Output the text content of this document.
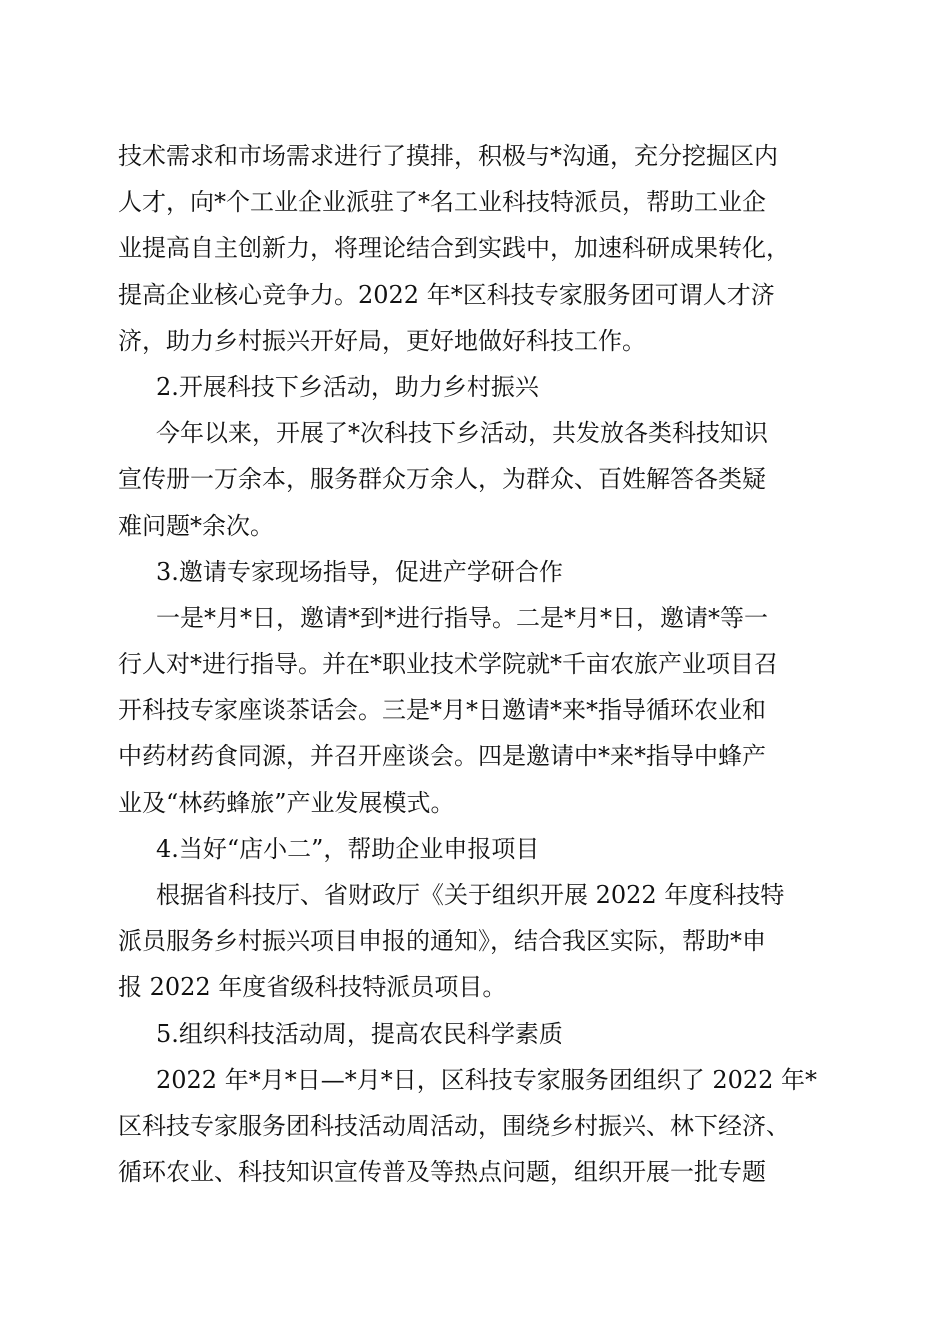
技术需求和市场需求进行了摸排，积极与*沟通，充分挖掘区内
人才，向*个工业企业派驻了*名工业科技特派员，帮助工业企
业提高自主创新力，将理论结合到实践中，加速科研成果转化，
提高企业核心竞争力。2022 年*区科技专家服务团可谓人才济
济，助力乡村振兴开好局，更好地做好科技工作。
2.开展科技下乡活动，助力乡村振兴
今年以来，开展了*次科技下乡活动，共发放各类科技知识
宣传册一万余本，服务群众万余人，为群众、百姓解答各类疑
难问题*余次。
3.邀请专家现场指导，促进产学研合作
一是*月*日，邀请*到*进行指导。二是*月*日，邀请*等一
行人对*进行指导。并在*职业技术学院就*千亩农旅产业项目召
开科技专家座谈茶话会。三是*月*日邀请*来*指导循环农业和
中药材药食同源，并召开座谈会。四是邀请中*来*指导中蜂产
业及“林药蜂旅”产业发展模式。
4.当好“店小二”，帮助企业申报项目
根据省科技厅、省财政厅《关于组织开展 2022 年度科技特
派员服务乡村振兴项目申报的通知》，结合我区实际，帮助*申
报 2022 年度省级科技特派员项目。
5.组织科技活动周，提高农民科学素质
2022 年*月*日—*月*日，区科技专家服务团组织了 2022 年*
区科技专家服务团科技活动周活动，围绕乡村振兴、林下经济、
循环农业、科技知识宣传普及等热点问题，组织开展一批专题
